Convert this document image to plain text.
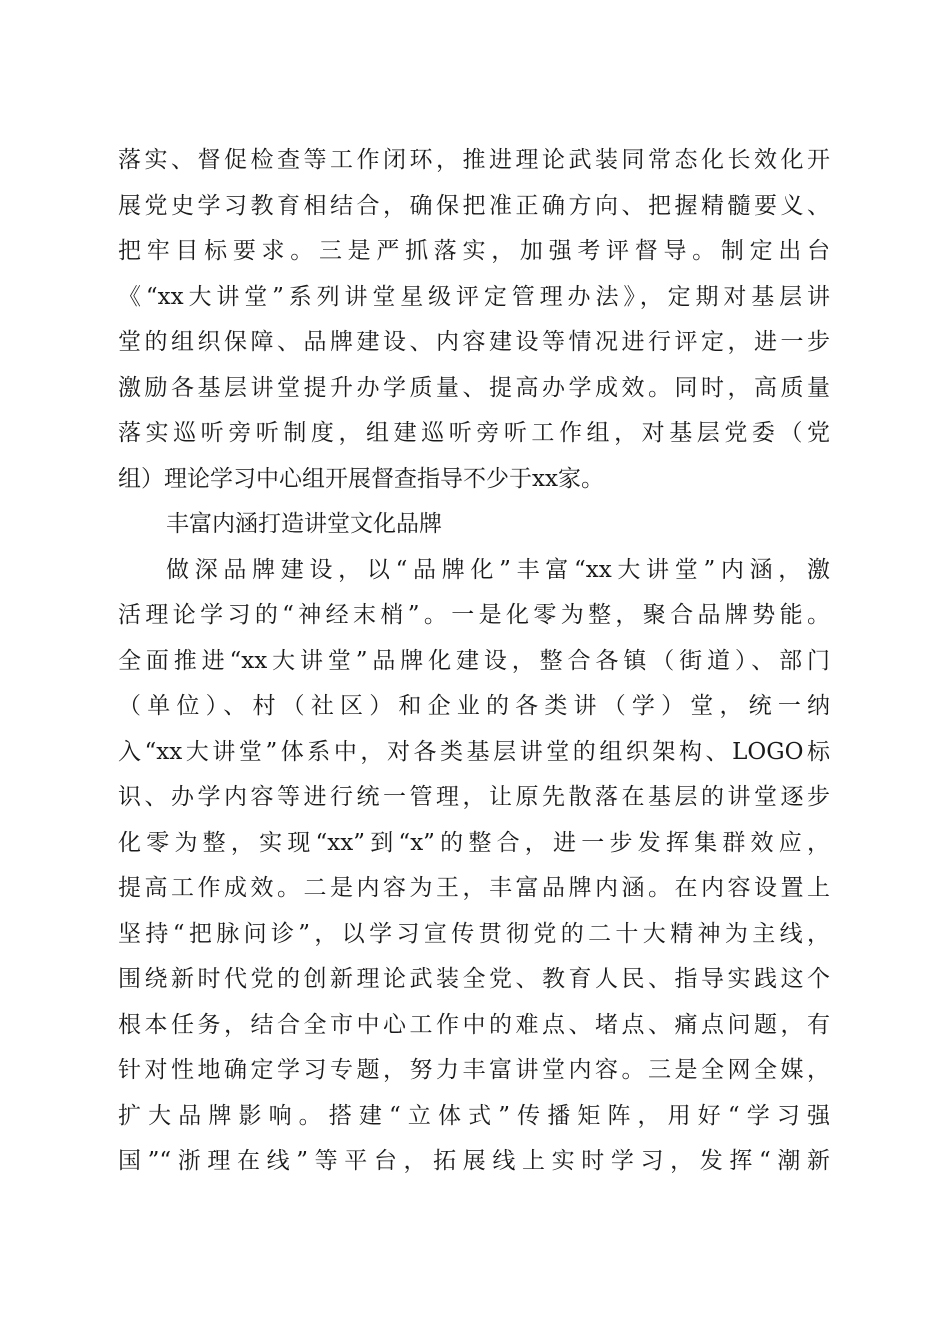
落实、督促检查等工作闭环，推进理论武装同常态化长效化开
展党史学习教育相结合，确保把准正确方向、把握精髓要义、
把牢目标要求。三是严抓落实，加强考评督导。制定出台
《“xx大讲堂”系列讲堂星级评定管理办法》，定期对基层讲
堂的组织保障、品牌建设、内容建设等情况进行评定，进一步
激励各基层讲堂提升办学质量、提高办学成效。同时，高质量
落实巡听旁听制度，组建巡听旁听工作组，对基层党委（党
组）理论学习中心组开展督查指导不少于xx家。
丰富内涵打造讲堂文化品牌
做深品牌建设，以“品牌化”丰富“xx大讲堂”内涵，激
活理论学习的“神经末梢”。一是化零为整，聚合品牌势能。
全面推进“xx大讲堂”品牌化建设，整合各镇（街道）、部门
（单位）、村（社区）和企业的各类讲（学）堂，统一纳
入“xx大讲堂”体系中，对各类基层讲堂的组织架构、LOGO标
识、办学内容等进行统一管理，让原先散落在基层的讲堂逐步
化零为整，实现“xx”到“x”的整合，进一步发挥集群效应，
提高工作成效。二是内容为王，丰富品牌内涵。在内容设置上
坚持“把脉问诊”，以学习宣传贯彻党的二十大精神为主线，
围绕新时代党的创新理论武装全党、教育人民、指导实践这个
根本任务，结合全市中心工作中的难点、堵点、痛点问题，有
针对性地确定学习专题，努力丰富讲堂内容。三是全网全媒，
扩大品牌影响。搭建“立体式”传播矩阵，用好“学习强
国”“浙理在线”等平台，拓展线上实时学习，发挥“潮新
